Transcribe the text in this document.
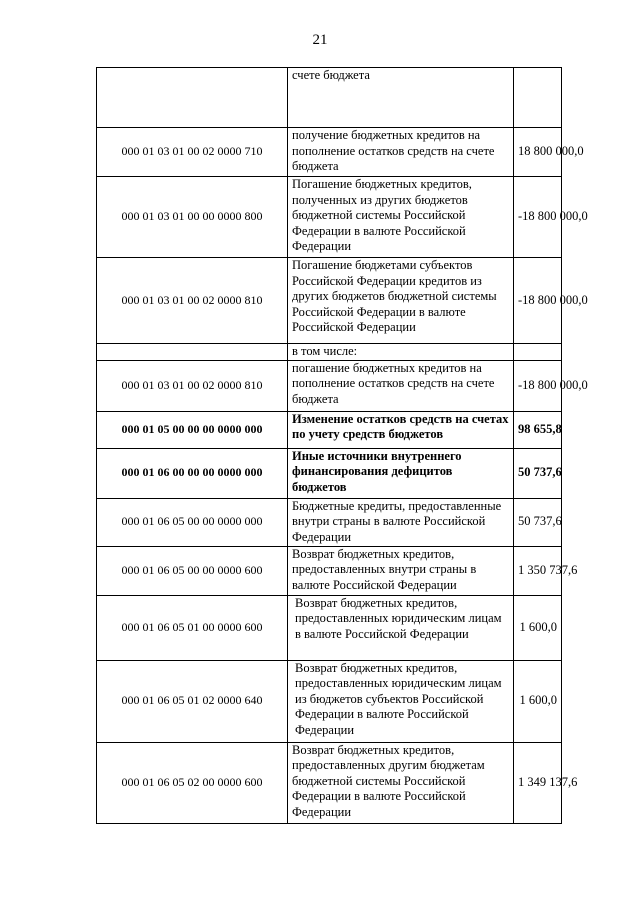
21
	счете бюджета	
000 01 03 01 00 02 0000 710	получение бюджетных кредитов на пополнение остатков средств на счете бюджета	18 800 000,0
000 01 03 01 00 00 0000 800	Погашение бюджетных кредитов, полученных из других бюджетов бюджетной системы Российской Федерации в валюте Российской Федерации	-18 800 000,0
000 01 03 01 00 02 0000 810	Погашение бюджетами субъектов Российской Федерации кредитов из других бюджетов бюджетной системы Российской Федерации в валюте Российской Федерации	-18 800 000,0
	в том числе:	
000 01 03 01 00 02 0000 810	погашение бюджетных кредитов на пополнение остатков средств на счете бюджета	-18 800 000,0
000 01 05 00 00 00 0000 000	Изменение остатков средств на счетах по учету средств бюджетов	98 655,8
000 01 06 00 00 00 0000 000	Иные источники внутреннего финансирования дефицитов бюджетов	50 737,6
000 01 06 05 00 00 0000 000	Бюджетные кредиты, предоставленные внутри страны в валюте Российской Федерации	50 737,6
000 01 06 05 00 00 0000 600	Возврат бюджетных кредитов, предоставленных внутри страны в валюте Российской Федерации	1 350 737,6
000 01 06 05 01 00 0000 600	Возврат бюджетных кредитов, предоставленных юридическим лицам в валюте Российской Федерации	1 600,0
000 01 06 05 01 02 0000 640	Возврат бюджетных кредитов, предоставленных юридическим лицам из бюджетов субъектов Российской Федерации в валюте Российской Федерации	1 600,0
000 01 06 05 02 00 0000 600	Возврат бюджетных кредитов, предоставленных другим бюджетам бюджетной системы Российской Федерации в валюте Российской Федерации	1 349 137,6
